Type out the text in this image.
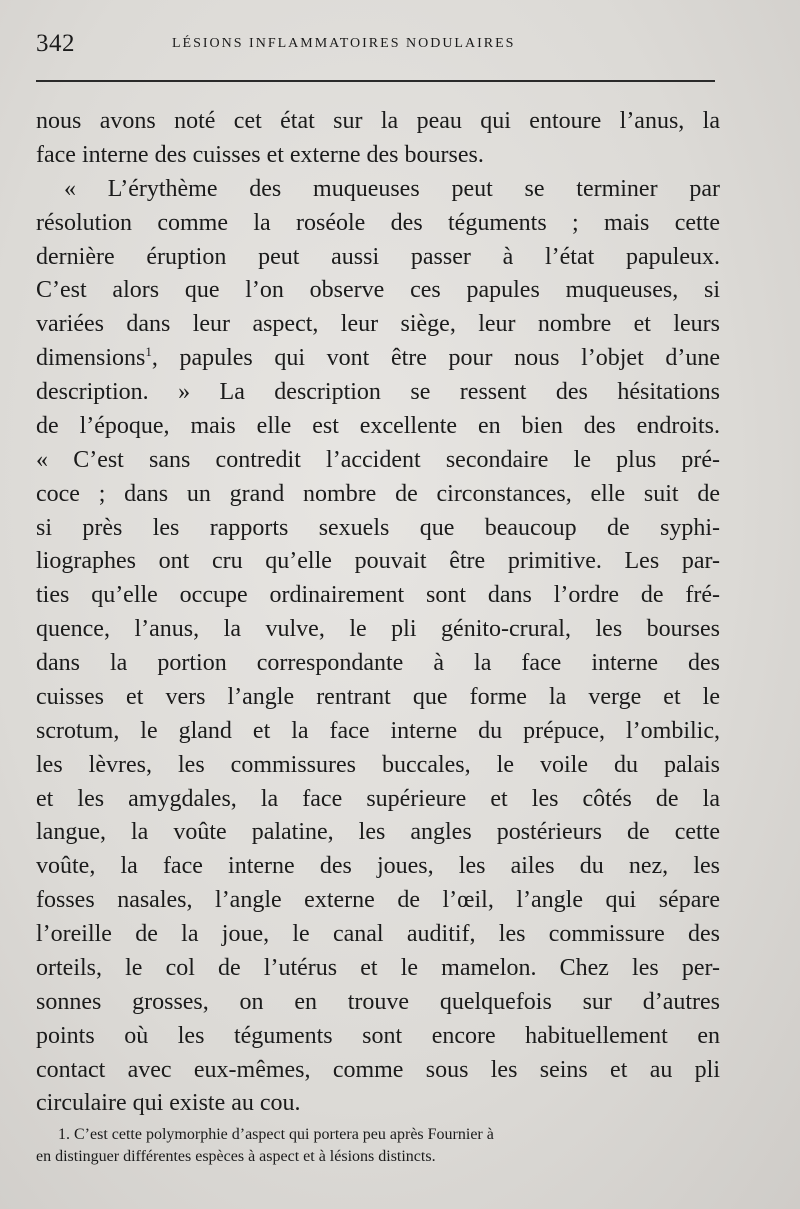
342	LÉSIONS INFLAMMATOIRES NODULAIRES
nous avons noté cet état sur la peau qui entoure l’anus, la
face interne des cuisses et externe des bourses.
« L’érythème des muqueuses peut se terminer par
résolution comme la roséole des téguments ; mais cette
dernière éruption peut aussi passer à l’état papuleux.
C’est alors que l’on observe ces papules muqueuses, si
variées dans leur aspect, leur siège, leur nombre et leurs
dimensions$^1$, papules qui vont être pour nous l’objet d’une
description. » La description se ressent des hésitations
de l’époque, mais elle est excellente en bien des endroits.
« C’est sans contredit l’accident secondaire le plus pré-
coce ; dans un grand nombre de circonstances, elle suit de
si près les rapports sexuels que beaucoup de syphi-
liographes ont cru qu’elle pouvait être primitive. Les par-
ties qu’elle occupe ordinairement sont dans l’ordre de fré-
quence, l’anus, la vulve, le pli génito-crural, les bourses
dans la portion correspondante à la face interne des
cuisses et vers l’angle rentrant que forme la verge et le
scrotum, le gland et la face interne du prépuce, l’ombilic,
les lèvres, les commissures buccales, le voile du palais
et les amygdales, la face supérieure et les côtés de la
langue, la voûte palatine, les angles postérieurs de cette
voûte, la face interne des joues, les ailes du nez, les
fosses nasales, l’angle externe de l’œil, l’angle qui sépare
l’oreille de la joue, le canal auditif, les commissure des
orteils, le col de l’utérus et le mamelon. Chez les per-
sonnes grosses, on en trouve quelquefois sur d’autres
points où les téguments sont encore habituellement en
contact avec eux-mêmes, comme sous les seins et au pli
circulaire qui existe au cou.
1. C’est cette polymorphie d’aspect qui portera peu après Fournier à
en distinguer différentes espèces à aspect et à lésions distincts.
